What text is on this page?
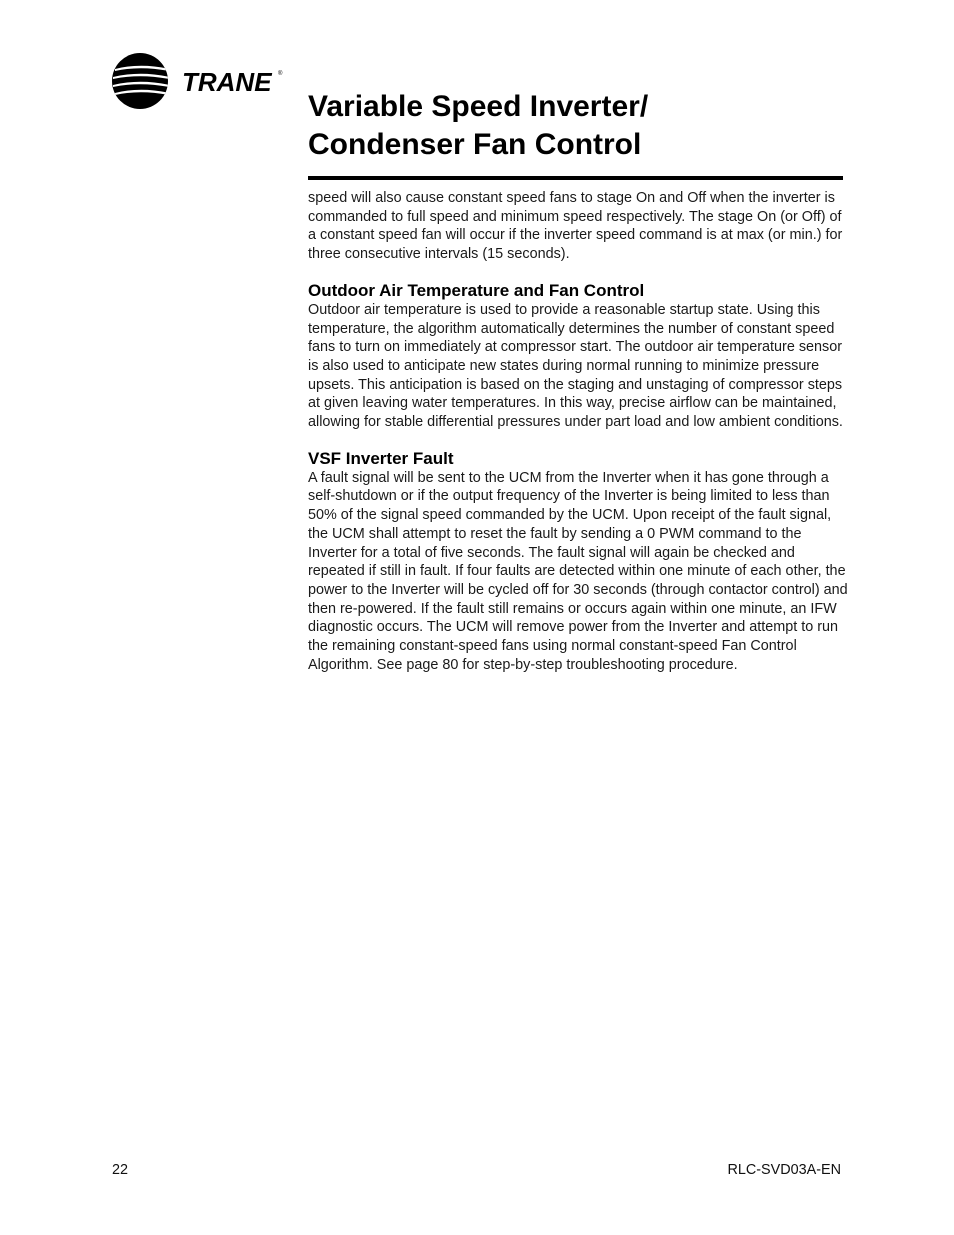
TRANE ®
Variable Speed Inverter/
Condenser Fan Control

speed will also cause constant speed fans to stage On and Off when the inverter is commanded to full speed and minimum speed respectively. The stage On (or Off) of a constant speed fan will occur if the inverter speed command is at max (or min.) for three consecutive intervals (15 seconds).

Outdoor Air Temperature and Fan Control

Outdoor air temperature is used to provide a reasonable startup state. Using this temperature, the algorithm automatically determines the number of constant speed fans to turn on immediately at compressor start. The outdoor air temperature sensor is also used to anticipate new states during normal running to minimize pressure upsets. This anticipation is based on the staging and unstaging of compressor steps at given leaving water temperatures. In this way, precise airflow can be maintained, allowing for stable differential pressures under part load and low ambient conditions.

VSF Inverter Fault

A fault signal will be sent to the UCM from the Inverter when it has gone through a self-shutdown or if the output frequency of the Inverter is being limited to less than 50% of the signal speed commanded by the UCM. Upon receipt of the fault signal, the UCM shall attempt to reset the fault by sending a 0 PWM command to the Inverter for a total of five seconds. The fault signal will again be checked and repeated if still in fault. If four faults are detected within one minute of each other, the power to the Inverter will be cycled off for 30 seconds (through contactor control) and then re-powered. If the fault still remains or occurs again within one minute, an IFW diagnostic occurs. The UCM will remove power from the Inverter and attempt to run the remaining constant-speed fans using normal constant-speed Fan Control Algorithm. See page 80 for step-by-step troubleshooting procedure.

22	RLC-SVD03A-EN
